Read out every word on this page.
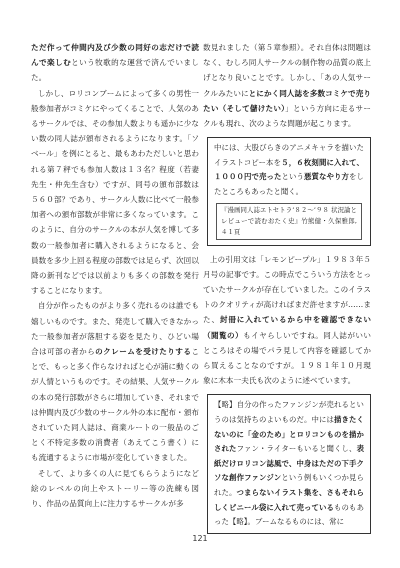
ただ作って仲間内及び少数の同好の志だけで読んで楽しむという牧歌的な運営で済んでいました。

しかし、ロリコンブームによって多くの男性一般参加者がコミケにやってくることで、人気のあるサークルでは、その参加人数よりも遥かに少ない数の同人誌が頒布されるようになります。「ソベール」を例にとると、最もあわただしいと思われる第７秤でも参加人数は１３名？程度（若妻先生・仲先生含む）ですが、同号の頒布部数は５６０部？であり、サークル人数に比べて一般参加者への頒布部数が非常に多くなっています。このように、自分のサークルの本が人気を博して多数の一般参加者に購入されるようになると、会員数を多少上回る程度の部数では足らず、次回以降の新刊などでは以前よりも多くの部数を発行することになります。

自分が作ったものがより多く売れるのは誰でも嬉しいものです。また、発売して購入できなかった一般参加者が落胆する姿を見たり、ひどい場合は可部の者からのクレームを受けたりすることで、もっと多く作らなければと心が浦に動くのが人情というものです。その結果、人気サークルの本の発行部数がさらに増加していき、それまでは仲間内及び少数のサークル外の本に配布・頒布されていた同人誌は、商業ルートの一般品のごとく不特定多数の消費者（あえてこう書く）にも流通するように市場が変化していきました。

そして、より多くの人に見てもらうようになど絵のレベルの向上やストーリー等の洗練も図り、作品の品質向上に注力するサークルが多

数見れました（第５章参照）。それ自体は問題はなく、むしろ同人サークルの制作物の品質の底上げとなり良いことです。しかし、「あの人気サークルみたいにとにかく同人誌を多数コミケで売りたい（そして儲けたい）」という方向に走るサークルも現れ、次のような問題が起こります。

中には、大股びらきのアニメキャラを描いたイラストコピー本を５，６枚刻間に入れて、１０００円で売ったという悪質なやり方をしたところもあったと聞く。

『漫画同人誌エトセトラ’８２〜’９８ 状況論とレビューで読むおたく史』竹熊健・久保雅郎, ４１頁

上の引用文は「レモンピープル」１９８３年５月号の記事です。この時点でこういう方法をとっていたサークルが存在していました。このイラストのクオリティが高ければまだ許せますが……また、封冊に入れているから中を確認できない（閲覧の）もイヤらしいですね。同人誌がいいところはその場でパラ見して内容を確認してから買えることなのですが。１９８１年１０月現象に木本一夫氏も次のように述べています。

【略】自分の作ったファンジンが売れるというのは気持ちのよいものだ。中には描きたくないのに「金のため」とロリコンものを描かされたファン・ライターもいると聞くし、表紙だけロリコン誌風で、中身はただの下手クソな創作ファンジンという例もいくつか見られた。つまらないイラスト集を、さもそれらしくビニール袋に入れて売っているものもあった【略】。ブームなるものには、常に

121
